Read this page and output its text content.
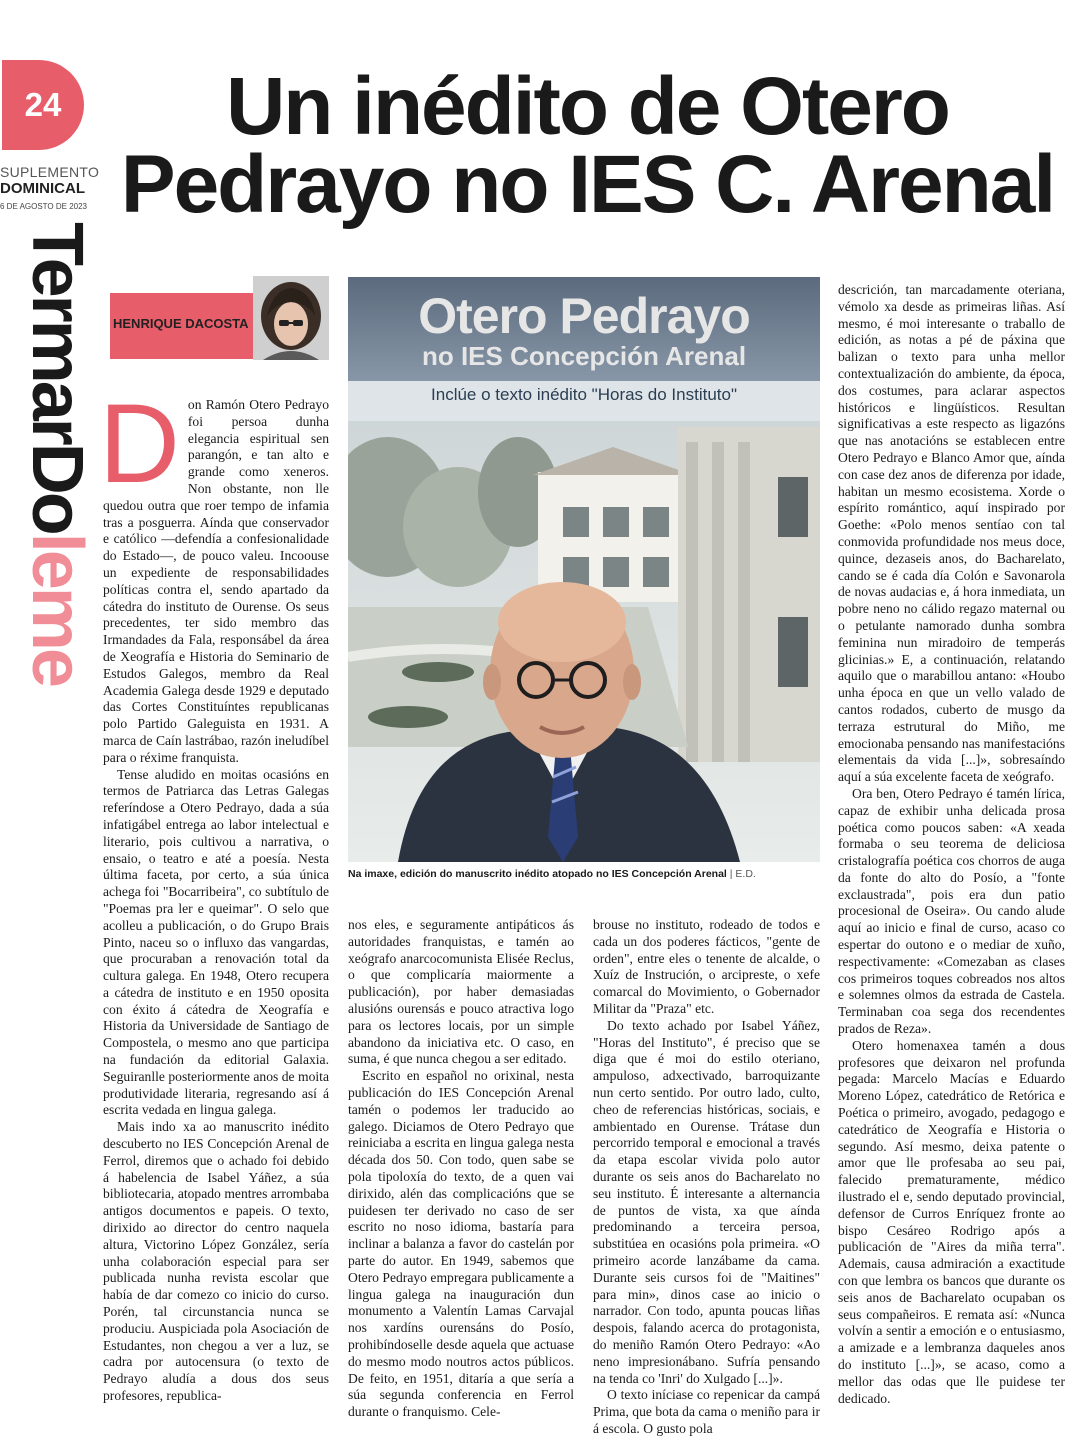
24
SUPLEMENTO
DOMINICAL
6 DE AGOSTO DE 2023
TermarDoleme
Un inédito de Otero
Pedrayo no IES C. Arenal
HENRIQUE DACOSTA

Don Ramón Otero Pedrayo foi persoa dunha elegancia espiritual sen parangón, e tan alto e grande como xeneros. Non obstante, non lle quedou outra que roer tempo de infamia tras a posguerra. Aínda que conservador e católico —defendía a confesionalidade do Estado—, de pouco valeu. Incoouse un expediente de responsabilidades políticas contra el, sendo apartado da cátedra do instituto de Ourense. Os seus precedentes, ter sido membro das Irmandades da Fala, responsábel da área de Xeografía e Historia do Seminario de Estudos Galegos, membro da Real Academia Galega desde 1929 e deputado das Cortes Constituíntes republicanas polo Partido Galeguista en 1931. A marca de Caín lastrábao, razón ineludíbel para o réxime franquista.

Tense aludido en moitas ocasións en termos de Patriarca das Letras Galegas referíndose a Otero Pedrayo, dada a súa infatigábel entrega ao labor intelectual e literario, pois cultivou a narrativa, o ensaio, o teatro e até a poesía. Nesta última faceta, por certo, a súa única achega foi "Bocarribeira", co subtítulo de "Poemas pra ler e queimar". O selo que acolleu a publicación, o do Grupo Brais Pinto, naceu so o influxo das vangardas, que procuraban a renovación total da cultura galega. En 1948, Otero recupera a cátedra de instituto e en 1950 oposita con éxito á cátedra de Xeografía e Historia da Universidade de Santiago de Compostela, o mesmo ano que participa na fundación da editorial Galaxia. Seguiranlle posteriormente anos de moita produtividade literaria, regresando así á escrita vedada en lingua galega.

Mais indo xa ao manuscrito inédito descuberto no IES Concepción Arenal de Ferrol, diremos que o achado foi debido á habelencia de Isabel Yáñez, a súa bibliotecaria, atopado mentres arrombaba antigos documentos e papeis. O texto, dirixido ao director do centro naquela altura, Victorino López González, sería unha colaboración especial para ser publicada nunha revista escolar que había de dar comezo co inicio do curso. Porén, tal circunstancia nunca se produciu. Auspiciada pola Asociación de Estudantes, non chegou a ver a luz, se cadra por autocensura (o texto de Pedrayo aludía a dous dos seus profesores, republica-

Otero Pedrayo
no IES Concepción Arenal
Inclúe o texto inédito "Horas do Instituto"
Na imaxe, edición do manuscrito inédito atopado no IES Concepción Arenal | E.D.

nos eles, e seguramente antipáticos ás autoridades franquistas, e tamén ao xeógrafo anarcocomunista Elisée Reclus, o que complicaría maiormente a publicación), por haber demasiadas alusións ourensás e pouco atractiva logo para os lectores locais, por un simple abandono da iniciativa etc. O caso, en suma, é que nunca chegou a ser editado.

Escrito en español no orixinal, nesta publicación do IES Concepción Arenal tamén o podemos ler traducido ao galego. Diciamos de Otero Pedrayo que reiniciaba a escrita en lingua galega nesta década dos 50. Con todo, quen sabe se pola tipoloxía do texto, de a quen vai dirixido, alén das complicacións que se puidesen ter derivado no caso de ser escrito no noso idioma, bastaría para inclinar a balanza a favor do castelán por parte do autor. En 1949, sabemos que Otero Pedrayo empregara publicamente a lingua galega na inauguración dun monumento a Valentín Lamas Carvajal nos xardíns ourensáns do Posío, prohibíndoselle desde aquela que actuase do mesmo modo noutros actos públicos. De feito, en 1951, ditaría a que sería a súa segunda conferencia en Ferrol durante o franquismo. Cele-

brouse no instituto, rodeado de todos e cada un dos poderes fácticos, "gente de orden", entre eles o tenente de alcalde, o Xuíz de Instrución, o arcipreste, o xefe comarcal do Movimiento, o Gobernador Militar da "Praza" etc.

Do texto achado por Isabel Yáñez, "Horas del Instituto", é preciso que se diga que é moi do estilo oteriano, ampuloso, adxectivado, barroquizante nun certo sentido. Por outro lado, culto, cheo de referencias históricas, sociais, e ambientado en Ourense. Trátase dun percorrido temporal e emocional a través da etapa escolar vivida polo autor durante os seis anos do Bacharelato no seu instituto. É interesante a alternancia de puntos de vista, xa que aínda predominando a terceira persoa, substitúea en ocasións pola primeira. «O primeiro acorde lanzábame da cama. Durante seis cursos foi de "Maitines" para min», dinos case ao inicio o narrador. Con todo, apunta poucas liñas despois, falando acerca do protagonista, do meniño Ramón Otero Pedrayo: «Ao neno impresionábano. Sufría pensando na tenda co 'Inri' do Xulgado [...]».

O texto iníciase co repenicar da campá Prima, que bota da cama o meniño para ir á escola. O gusto pola

descrición, tan marcadamente oteriana, vémolo xa desde as primeiras liñas. Así mesmo, é moi interesante o traballo de edición, as notas a pé de páxina que balizan o texto para unha mellor contextualización do ambiente, da época, dos costumes, para aclarar aspectos históricos e lingüísticos. Resultan significativas a este respecto as ligazóns que nas anotacións se establecen entre Otero Pedrayo e Blanco Amor que, aínda con case dez anos de diferenza por idade, habitan un mesmo ecosistema. Xorde o espírito romántico, aquí inspirado por Goethe: «Polo menos sentíao con tal conmovida profundidade nos meus doce, quince, dezaseis anos, do Bacharelato, cando se é cada día Colón e Savonarola de novas audacias e, á hora inmediata, un pobre neno no cálido regazo maternal ou o petulante namorado dunha sombra feminina nun miradoiro de temperás glicinias.» E, a continuación, relatando aquilo que o marabillou antano: «Houbo unha época en que un vello valado de cantos rodados, cuberto de musgo da terraza estrutural do Miño, me emocionaba pensando nas manifestacións elementais da vida [...]», sobresaíndo aquí a súa excelente faceta de xeógrafo.

Ora ben, Otero Pedrayo é tamén lírica, capaz de exhibir unha delicada prosa poética como poucos saben: «A xeada formaba o seu teorema de deliciosa cristalografía poética cos chorros de auga da fonte do alto do Posío, a "fonte exclaustrada", pois era dun patio procesional de Oseira». Ou cando alude aquí ao inicio e final de curso, acaso co espertar do outono e o mediar de xuño, respectivamente: «Comezaban as clases cos primeiros toques cobreados nos altos e solemnes olmos da estrada de Castela. Terminaban coa sega dos recendentes prados de Reza».

Otero homenaxea tamén a dous profesores que deixaron nel profunda pegada: Marcelo Macías e Eduardo Moreno López, catedrático de Retórica e Poética o primeiro, avogado, pedagogo e catedrático de Xeografía e Historia o segundo. Así mesmo, deixa patente o amor que lle profesaba ao seu pai, falecido prematuramente, médico ilustrado el e, sendo deputado provincial, defensor de Curros Enríquez fronte ao bispo Cesáreo Rodrigo após a publicación de "Aires da miña terra". Ademais, causa admiración a exactitude con que lembra os bancos que durante os seis anos de Bacharelato ocupaban os seus compañeiros. E remata así: «Nunca volvín a sentir a emoción e o entusiasmo, a amizade e a lembranza daqueles anos do instituto [...]», se acaso, como a mellor das odas que lle puidese ter dedicado.
